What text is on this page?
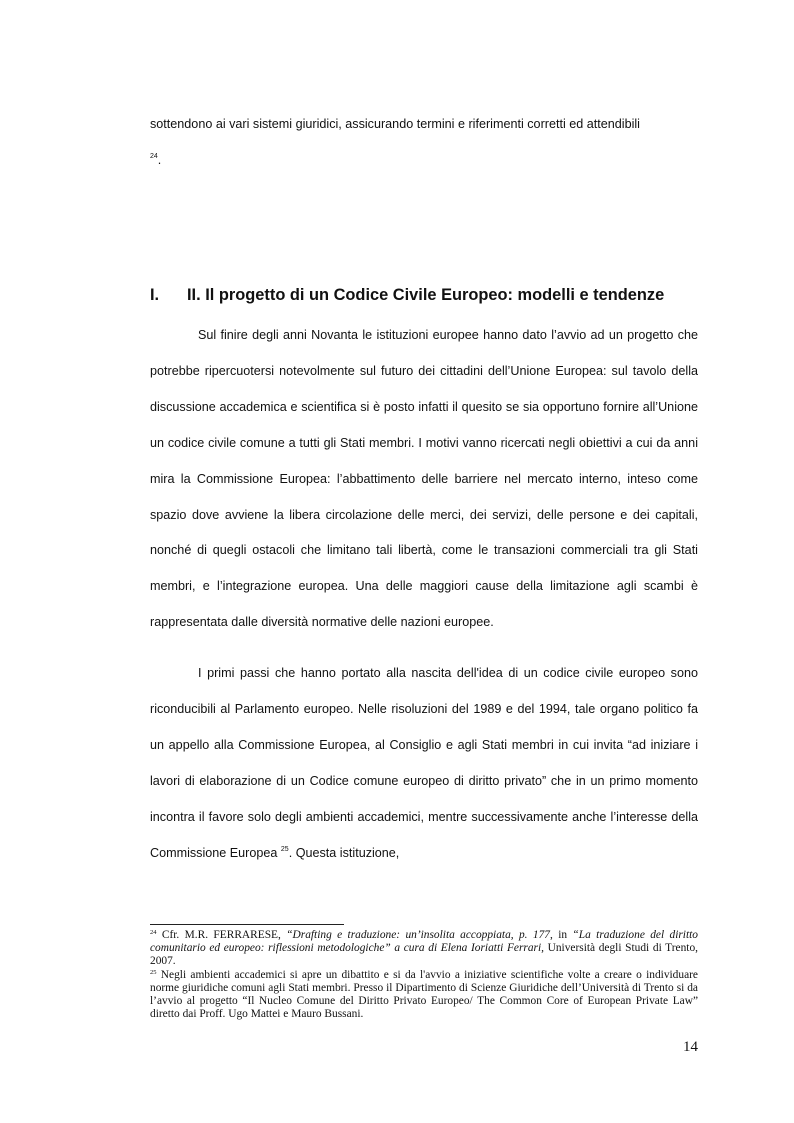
sottendono ai vari sistemi giuridici, assicurando termini e riferimenti corretti ed attendibili
$^{24}$.

I.	II. Il progetto di un Codice Civile Europeo: modelli e tendenze

Sul finire degli anni Novanta le istituzioni europee hanno dato l’avvio ad un progetto che potrebbe ripercuotersi notevolmente sul futuro dei cittadini dell’Unione Europea: sul tavolo della discussione accademica e scientifica si è posto infatti il quesito se sia opportuno fornire all’Unione un codice civile comune a tutti gli Stati membri. I motivi vanno ricercati negli obiettivi a cui da anni mira la Commissione Europea: l’abbattimento delle barriere nel mercato interno, inteso come spazio dove avviene la libera circolazione delle merci, dei servizi, delle persone e dei capitali, nonché di quegli ostacoli che limitano tali libertà, come le transazioni commerciali tra gli Stati membri, e l’integrazione europea. Una delle maggiori cause della limitazione agli scambi è rappresentata dalle diversità normative delle nazioni europee.

I primi passi che hanno portato alla nascita dell'idea di un codice civile europeo sono riconducibili al Parlamento europeo. Nelle risoluzioni del 1989 e del 1994, tale organo politico fa un appello alla Commissione Europea, al Consiglio e agli Stati membri in cui invita “ad iniziare i lavori di elaborazione di un Codice comune europeo di diritto privato” che in un primo momento incontra il favore solo degli ambienti accademici, mentre successivamente anche l’interesse della Commissione Europea $^{25}$. Questa istituzione,

$^{24}$ Cfr. M.R. FERRARESE, “Drafting e traduzione: un’insolita accoppiata, p. 177, in “La traduzione del diritto comunitario ed europeo: riflessioni metodologiche” a cura di Elena Ioriatti Ferrari, Università degli Studi di Trento, 2007.

$^{25}$ Negli ambienti accademici si apre un dibattito e si da l'avvio a iniziative scientifiche volte a creare o individuare norme giuridiche comuni agli Stati membri. Presso il Dipartimento di Scienze Giuridiche dell’Università di Trento si da l’avvio al progetto “Il Nucleo Comune del Diritto Privato Europeo/ The Common Core of European Private Law” diretto dai Proff. Ugo Mattei e Mauro Bussani.

14
